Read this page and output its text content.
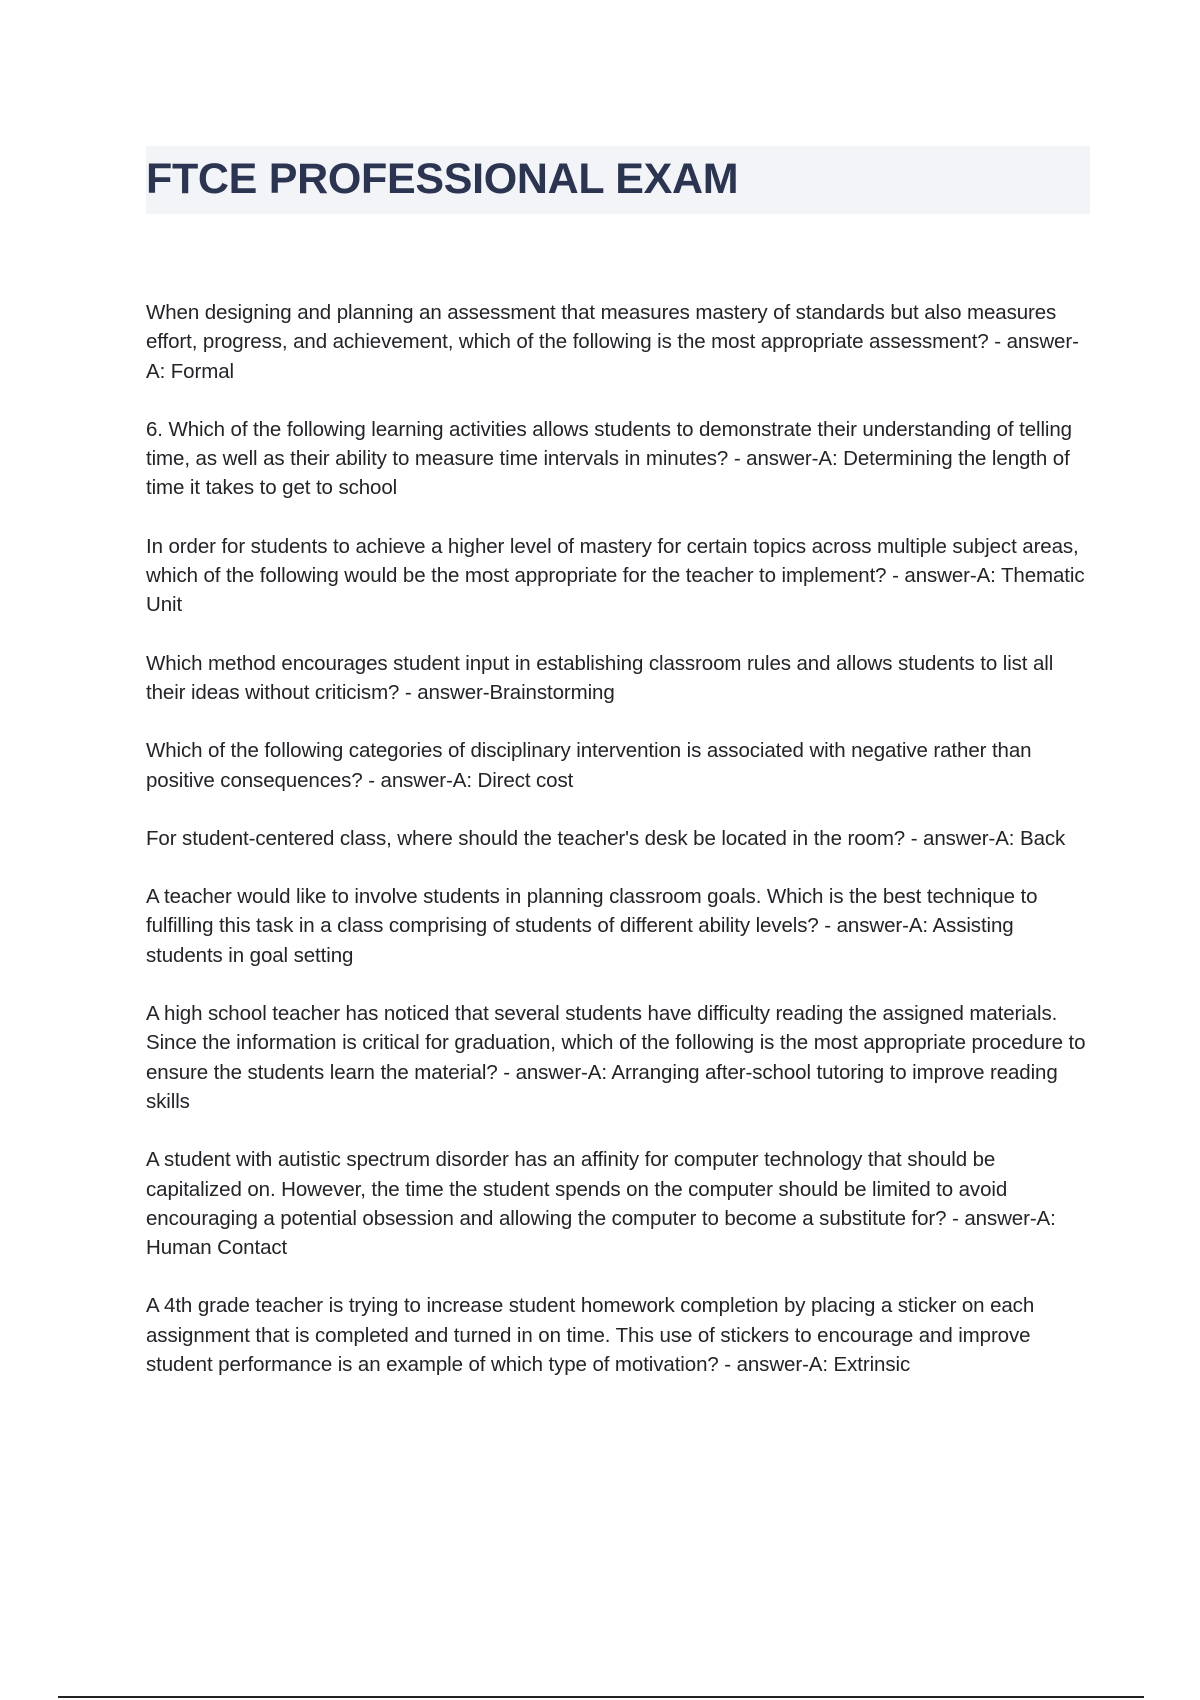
FTCE PROFESSIONAL EXAM

When designing and planning an assessment that measures mastery of standards but also measures effort, progress, and achievement, which of the following is the most appropriate assessment? - answer-A: Formal

6. Which of the following learning activities allows students to demonstrate their understanding of telling time, as well as their ability to measure time intervals in minutes? - answer-A: Determining the length of time it takes to get to school

In order for students to achieve a higher level of mastery for certain topics across multiple subject areas, which of the following would be the most appropriate for the teacher to implement? - answer-A: Thematic Unit

Which method encourages student input in establishing classroom rules and allows students to list all their ideas without criticism? - answer-Brainstorming

Which of the following categories of disciplinary intervention is associated with negative rather than positive consequences? - answer-A: Direct cost

For student-centered class, where should the teacher's desk be located in the room? - answer-A: Back

A teacher would like to involve students in planning classroom goals. Which is the best technique to fulfilling this task in a class comprising of students of different ability levels? - answer-A: Assisting students in goal setting

A high school teacher has noticed that several students have difficulty reading the assigned materials. Since the information is critical for graduation, which of the following is the most appropriate procedure to ensure the students learn the material? - answer-A: Arranging after-school tutoring to improve reading skills

A student with autistic spectrum disorder has an affinity for computer technology that should be capitalized on. However, the time the student spends on the computer should be limited to avoid encouraging a potential obsession and allowing the computer to become a substitute for? - answer-A: Human Contact

A 4th grade teacher is trying to increase student homework completion by placing a sticker on each assignment that is completed and turned in on time. This use of stickers to encourage and improve student performance is an example of which type of motivation? - answer-A: Extrinsic
